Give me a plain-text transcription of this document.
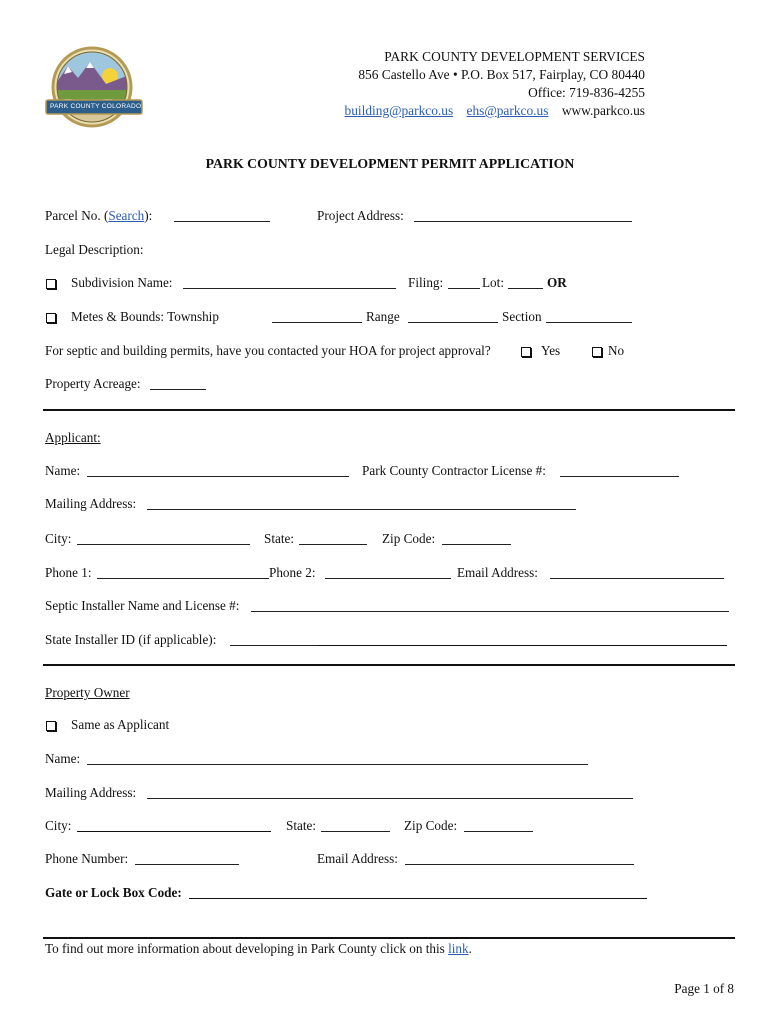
PARK COUNTY COLORADO
PARK COUNTY DEVELOPMENT SERVICES
856 Castello Ave • P.O. Box 517, Fairplay, CO 80440
Office: 719-836-4255
building@parkco.us ehs@parkco.us www.parkco.us
PARK COUNTY DEVELOPMENT PERMIT APPLICATION
Parcel No. (Search):	Project Address:
Legal Description:
Subdivision Name:	Filing:	Lot:	OR
Metes & Bounds: Township	Range	Section
For septic and building permits, have you contacted your HOA for project approval?	Yes	No
Property Acreage:
Applicant:
Name:	Park County Contractor License #:
Mailing Address:
City:	State:	Zip Code:
Phone 1:	Phone 2:	Email Address:
Septic Installer Name and License #:
State Installer ID (if applicable):
Property Owner
Same as Applicant
Name:
Mailing Address:
City:	State:	Zip Code:
Phone Number:	Email Address:
Gate or Lock Box Code:
To find out more information about developing in Park County click on this link.
Page 1 of 8
